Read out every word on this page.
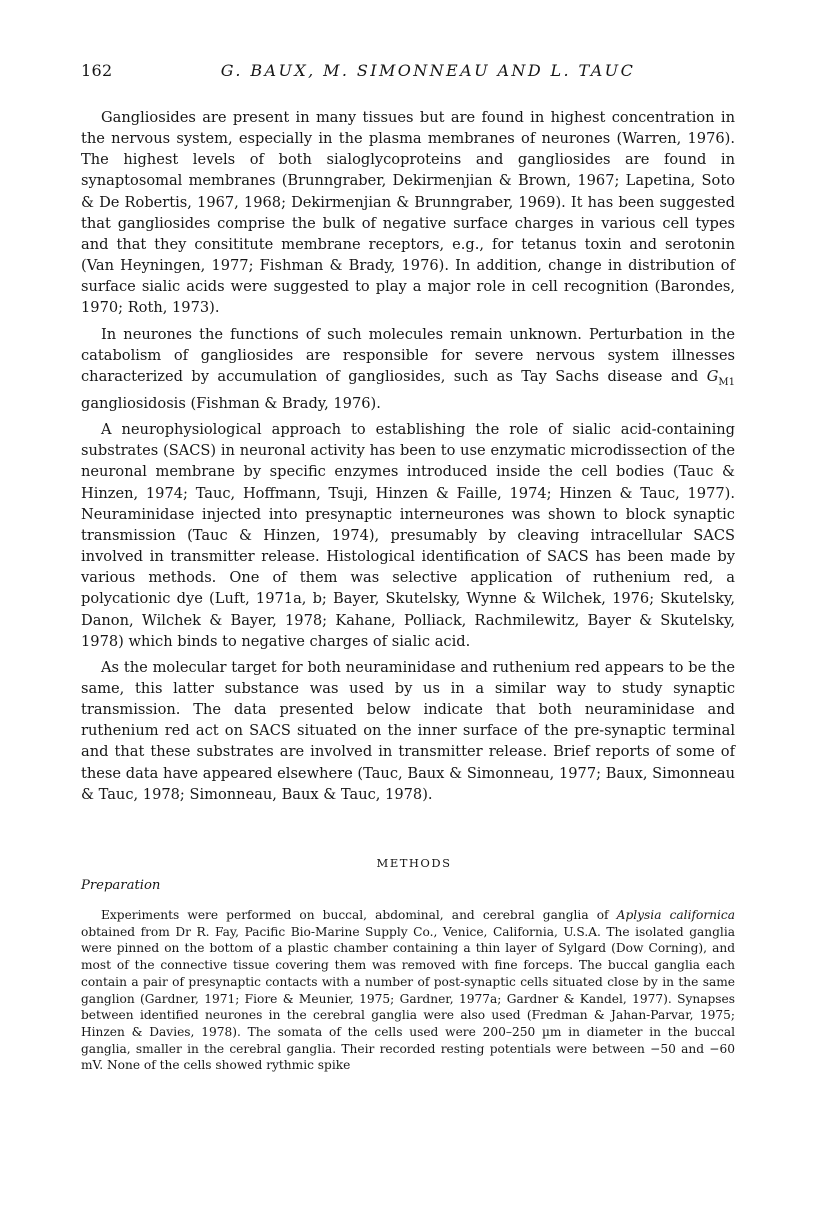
162	G. BAUX, M. SIMONNEAU AND L. TAUC

Gangliosides are present in many tissues but are found in highest concentration in the nervous system, especially in the plasma membranes of neurones (Warren, 1976). The highest levels of both sialoglycoproteins and gangliosides are found in synaptosomal membranes (Brunngraber, Dekirmenjian & Brown, 1967; Lapetina, Soto & De Robertis, 1967, 1968; Dekirmenjian & Brunngraber, 1969). It has been suggested that gangliosides comprise the bulk of negative surface charges in various cell types and that they consititute membrane receptors, e.g., for tetanus toxin and serotonin (Van Heyningen, 1977; Fishman & Brady, 1976). In addition, change in distribution of surface sialic acids were suggested to play a major role in cell recognition (Barondes, 1970; Roth, 1973).

In neurones the functions of such molecules remain unknown. Perturbation in the catabolism of gangliosides are responsible for severe nervous system illnesses characterized by accumulation of gangliosides, such as Tay Sachs disease and $G_{M1}$ gangliosidosis (Fishman & Brady, 1976).

A neurophysiological approach to establishing the role of sialic acid-containing substrates (SACS) in neuronal activity has been to use enzymatic microdissection of the neuronal membrane by specific enzymes introduced inside the cell bodies (Tauc & Hinzen, 1974; Tauc, Hoffmann, Tsuji, Hinzen & Faille, 1974; Hinzen & Tauc, 1977). Neuraminidase injected into presynaptic interneurones was shown to block synaptic transmission (Tauc & Hinzen, 1974), presumably by cleaving intracellular SACS involved in transmitter release. Histological identification of SACS has been made by various methods. One of them was selective application of ruthenium red, a polycationic dye (Luft, 1971a, b; Bayer, Skutelsky, Wynne & Wilchek, 1976; Skutelsky, Danon, Wilchek & Bayer, 1978; Kahane, Polliack, Rachmilewitz, Bayer & Skutelsky, 1978) which binds to negative charges of sialic acid.

As the molecular target for both neuraminidase and ruthenium red appears to be the same, this latter substance was used by us in a similar way to study synaptic transmission. The data presented below indicate that both neuraminidase and ruthenium red act on SACS situated on the inner surface of the pre-synaptic terminal and that these substrates are involved in transmitter release. Brief reports of some of these data have appeared elsewhere (Tauc, Baux & Simonneau, 1977; Baux, Simonneau & Tauc, 1978; Simonneau, Baux & Tauc, 1978).

METHODS
Preparation

Experiments were performed on buccal, abdominal, and cerebral ganglia of Aplysia californica obtained from Dr R. Fay, Pacific Bio-Marine Supply Co., Venice, California, U.S.A. The isolated ganglia were pinned on the bottom of a plastic chamber containing a thin layer of Sylgard (Dow Corning), and most of the connective tissue covering them was removed with fine forceps. The buccal ganglia each contain a pair of presynaptic contacts with a number of post-synaptic cells situated close by in the same ganglion (Gardner, 1971; Fiore & Meunier, 1975; Gardner, 1977a; Gardner & Kandel, 1977). Synapses between identified neurones in the cerebral ganglia were also used (Fredman & Jahan-Parvar, 1975; Hinzen & Davies, 1978). The somata of the cells used were 200–250 µm in diameter in the buccal ganglia, smaller in the cerebral ganglia. Their recorded resting potentials were between −50 and −60 mV. None of the cells showed rythmic spike
